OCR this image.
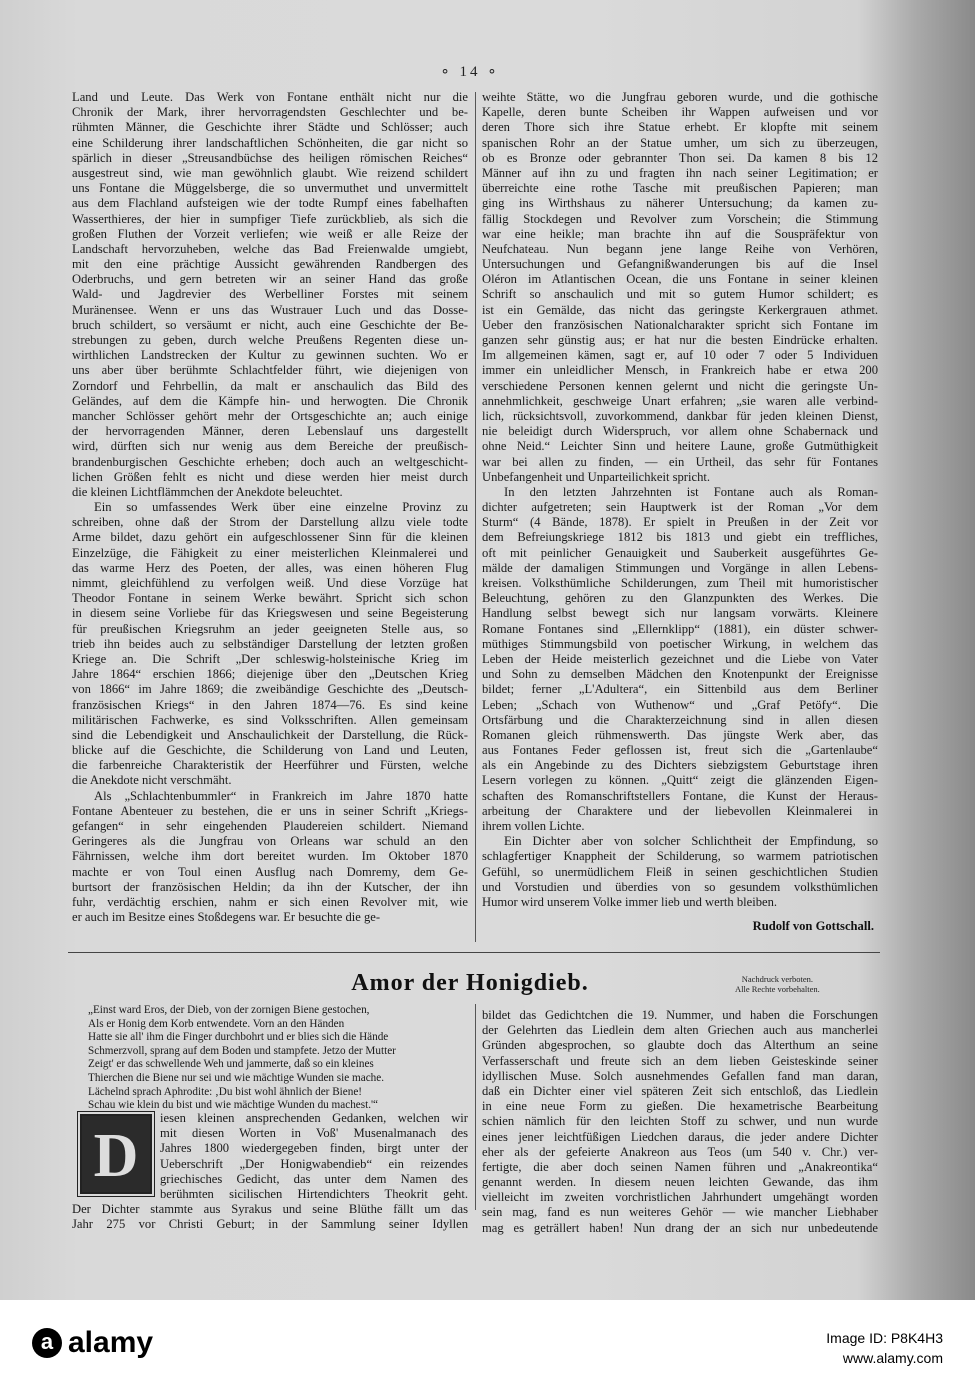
∘ 14 ∘
Land und Leute. Das Werk von Fontane enthält nicht nur die
Chronik der Mark, ihrer hervorragendsten Geschlechter und be-
rühmten Männer, die Geschichte ihrer Städte und Schlösser; auch
eine Schilderung ihrer landschaftlichen Schönheiten, die gar nicht so
spärlich in dieser „Streusandbüchse des heiligen römischen Reiches“
ausgestreut sind, wie man gewöhnlich glaubt. Wie reizend schildert
uns Fontane die Müggelsberge, die so unvermuthet und unvermittelt
aus dem Flachland aufsteigen wie der todte Rumpf eines fabelhaften
Wasserthieres, der hier in sumpfiger Tiefe zurückblieb, als sich die
großen Fluthen der Vorzeit verliefen; wie weiß er alle Reize der
Landschaft hervorzuheben, welche das Bad Freienwalde umgiebt,
mit den eine prächtige Aussicht gewährenden Randbergen des
Oderbruchs, und gern betreten wir an seiner Hand das große
Wald- und Jagdrevier des Werbelliner Forstes mit seinem
Muränensee. Wenn er uns das Wustrauer Luch und das Dosse-
bruch schildert, so versäumt er nicht, auch eine Geschichte der Be-
strebungen zu geben, durch welche Preußens Regenten diese un-
wirthlichen Landstrecken der Kultur zu gewinnen suchten. Wo er
uns aber über berühmte Schlachtfelder führt, wie diejenigen von
Zorndorf und Fehrbellin, da malt er anschaulich das Bild des
Geländes, auf dem die Kämpfe hin- und herwogten. Die Chronik
mancher Schlösser gehört mehr der Ortsgeschichte an; auch einige
der hervorragenden Männer, deren Lebenslauf uns dargestellt
wird, dürften sich nur wenig aus dem Bereiche der preußisch-
brandenburgischen Geschichte erheben; doch auch an weltgeschicht-
lichen Größen fehlt es nicht und diese werden hier meist durch
die kleinen Lichtflämmchen der Anekdote beleuchtet.
Ein so umfassendes Werk über eine einzelne Provinz zu
schreiben, ohne daß der Strom der Darstellung allzu viele todte
Arme bildet, dazu gehört ein aufgeschlossener Sinn für die kleinen
Einzelzüge, die Fähigkeit zu einer meisterlichen Kleinmalerei und
das warme Herz des Poeten, der alles, was einen höheren Flug
nimmt, gleichfühlend zu verfolgen weiß. Und diese Vorzüge hat
Theodor Fontane in seinem Werke bewährt. Spricht sich schon
in diesem seine Vorliebe für das Kriegswesen und seine Begeisterung
für preußischen Kriegsruhm an jeder geeigneten Stelle aus, so
trieb ihn beides auch zu selbständiger Darstellung der letzten großen
Kriege an. Die Schrift „Der schleswig-holsteinische Krieg im
Jahre 1864“ erschien 1866; diejenige über den „Deutschen Krieg
von 1866“ im Jahre 1869; die zweibändige Geschichte des „Deutsch-
französischen Kriegs“ in den Jahren 1874—76. Es sind keine
militärischen Fachwerke, es sind Volksschriften. Allen gemeinsam
sind die Lebendigkeit und Anschaulichkeit der Darstellung, die Rück-
blicke auf die Geschichte, die Schilderung von Land und Leuten,
die farbenreiche Charakteristik der Heerführer und Fürsten, welche
die Anekdote nicht verschmäht.
Als „Schlachtenbummler“ in Frankreich im Jahre 1870 hatte
Fontane Abenteuer zu bestehen, die er uns in seiner Schrift „Kriegs-
gefangen“ in sehr eingehenden Plaudereien schildert. Niemand
Geringeres als die Jungfrau von Orleans war schuld an den
Fährnissen, welche ihm dort bereitet wurden. Im Oktober 1870
machte er von Toul einen Ausflug nach Domremy, dem Ge-
burtsort der französischen Heldin; da ihn der Kutscher, der ihn
fuhr, verdächtig erschien, nahm er sich einen Revolver mit, wie
er auch im Besitze eines Stoßdegens war. Er besuchte die ge-
weihte Stätte, wo die Jungfrau geboren wurde, und die gothische
Kapelle, deren bunte Scheiben ihr Wappen aufweisen und vor
deren Thore sich ihre Statue erhebt. Er klopfte mit seinem
spanischen Rohr an der Statue umher, um sich zu überzeugen,
ob es Bronze oder gebrannter Thon sei. Da kamen 8 bis 12
Männer auf ihn zu und fragten ihn nach seiner Legitimation; er
überreichte eine rothe Tasche mit preußischen Papieren; man
ging ins Wirthshaus zu näherer Untersuchung; da kamen zu-
fällig Stockdegen und Revolver zum Vorschein; die Stimmung
war eine heikle; man brachte ihn auf die Souspräfektur von
Neufchateau. Nun begann jene lange Reihe von Verhören,
Untersuchungen und Gefangnißwanderungen bis auf die Insel
Oléron im Atlantischen Ocean, die uns Fontane in seiner kleinen
Schrift so anschaulich und mit so gutem Humor schildert; es
ist ein Gemälde, das nicht das geringste Kerkergrauen athmet.
Ueber den französischen Nationalcharakter spricht sich Fontane im
ganzen sehr günstig aus; er hat nur die besten Eindrücke erhalten.
Im allgemeinen kämen, sagt er, auf 10 oder 7 oder 5 Individuen
immer ein unleidlicher Mensch, in Frankreich habe er etwa 200
verschiedene Personen kennen gelernt und nicht die geringste Un-
annehmlichkeit, geschweige Unart erfahren; „sie waren alle verbind-
lich, rücksichtsvoll, zuvorkommend, dankbar für jeden kleinen Dienst,
nie beleidigt durch Widerspruch, vor allem ohne Schabernack und
ohne Neid.“ Leichter Sinn und heitere Laune, große Gutmüthigkeit
war bei allen zu finden, — ein Urtheil, das sehr für Fontanes
Unbefangenheit und Unparteilichkeit spricht.
In den letzten Jahrzehnten ist Fontane auch als Roman-
dichter aufgetreten; sein Hauptwerk ist der Roman „Vor dem
Sturm“ (4 Bände, 1878). Er spielt in Preußen in der Zeit vor
dem Befreiungskriege 1812 bis 1813 und giebt ein treffliches,
oft mit peinlicher Genauigkeit und Sauberkeit ausgeführtes Ge-
mälde der damaligen Stimmungen und Vorgänge in allen Lebens-
kreisen. Volksthümliche Schilderungen, zum Theil mit humoristischer
Beleuchtung, gehören zu den Glanzpunkten des Werkes. Die
Handlung selbst bewegt sich nur langsam vorwärts. Kleinere
Romane Fontanes sind „Ellernklipp“ (1881), ein düster schwer-
müthiges Stimmungsbild von poetischer Wirkung, in welchem das
Leben der Heide meisterlich gezeichnet und die Liebe von Vater
und Sohn zu demselben Mädchen den Knotenpunkt der Ereignisse
bildet; ferner „L'Adultera“, ein Sittenbild aus dem Berliner
Leben; „Schach von Wuthenow“ und „Graf Petöfy“. Die
Ortsfärbung und die Charakterzeichnung sind in allen diesen
Romanen gleich rühmenswerth. Das jüngste Werk aber, das
aus Fontanes Feder geflossen ist, freut sich die „Gartenlaube“
als ein Angebinde zu des Dichters siebzigstem Geburtstage ihren
Lesern vorlegen zu können. „Quitt“ zeigt die glänzenden Eigen-
schaften des Romanschriftstellers Fontane, die Kunst der Heraus-
arbeitung der Charaktere und der liebevollen Kleinmalerei in
ihrem vollen Lichte.
Ein Dichter aber von solcher Schlichtheit der Empfindung, so
schlagfertiger Knappheit der Schilderung, so warmem patriotischen
Gefühl, so unermüdlichem Fleiß in seinen geschichtlichen Studien
und Vorstudien und überdies von so gesundem volksthümlichen
Humor wird unserem Volke immer lieb und werth bleiben.
Rudolf von Gottschall.
Amor der Honigdieb.	Nachdruck verboten.
Alle Rechte vorbehalten.
„Einst ward Eros, der Dieb, von der zornigen Biene gestochen,
Als er Honig dem Korb entwendete. Vorn an den Händen
Hatte sie all' ihm die Finger durchbohrt und er blies sich die Hände
Schmerzvoll, sprang auf dem Boden und stampfete. Jetzo der Mutter
Zeigt' er das schwellende Weh und jammerte, daß so ein kleines
Thierchen die Biene nur sei und wie mächtige Wunden sie mache.
Lächelnd sprach Aphrodite: ‚Du bist wohl ähnlich der Biene!
Schau wie klein du bist und wie mächtige Wunden du machest.'“
D
iesen kleinen ansprechenden Gedanken, welchen wir
mit diesen Worten in Voß' Musenalmanach des
Jahres 1800 wiedergegeben finden, birgt unter der
Ueberschrift „Der Honigwabendieb“ ein reizendes
griechisches Gedicht, das unter dem Namen des
berühmten sicilischen Hirtendichters Theokrit geht.
Der Dichter stammte aus Syrakus und seine Blüthe fällt um das
Jahr 275 vor Christi Geburt; in der Sammlung seiner Idyllen
bildet das Gedichtchen die 19. Nummer, und haben die Forschungen
der Gelehrten das Liedlein dem alten Griechen auch aus mancherlei
Gründen abgesprochen, so glaubte doch das Alterthum an seine
Verfasserschaft und freute sich an dem lieben Geisteskinde seiner
idyllischen Muse. Solch ausnehmendes Gefallen fand man daran,
daß ein Dichter einer viel späteren Zeit sich entschloß, das Liedlein
in eine neue Form zu gießen. Die hexametrische Bearbeitung
schien nämlich für den leichten Stoff zu schwer, und nun wurde
eines jener leichtfüßigen Liedchen daraus, die jeder andere Dichter
eher als der gefeierte Anakreon aus Teos (um 540 v. Chr.) ver-
fertigte, die aber doch seinen Namen führen und „Anakreontika“
genannt werden. In diesem neuen leichten Gewande, das ihm
vielleicht im zweiten vorchristlichen Jahrhundert umgehängt worden
sein mag, fand es nun weiteres Gehör — wie mancher Liebhaber
mag es geträllert haben! Nun drang der an sich nur unbedeutende
a alamy	Image ID: P8K4H3
www.alamy.com
